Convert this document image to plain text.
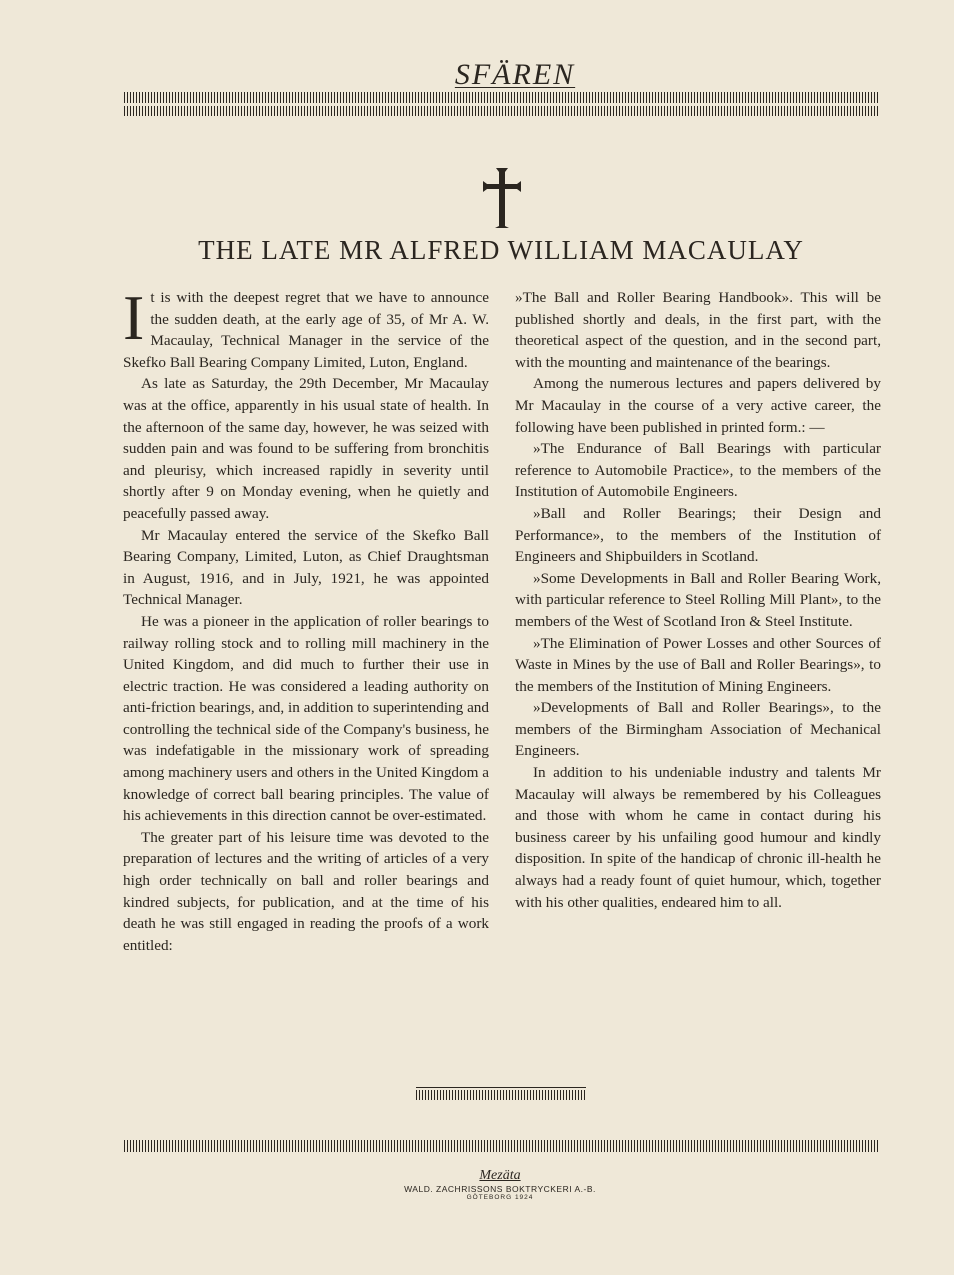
SFÄREN
THE LATE MR ALFRED WILLIAM MACAULAY

It is with the deepest regret that we have to announce the sudden death, at the early age of 35, of Mr A. W. Macaulay, Technical Manager in the service of the Skefko Ball Bearing Company Limited, Luton, England.

As late as Saturday, the 29th December, Mr Macaulay was at the office, apparently in his usual state of health. In the afternoon of the same day, however, he was seized with sudden pain and was found to be suffering from bronchitis and pleurisy, which increased rapidly in severity until shortly after 9 on Monday evening, when he quietly and peacefully passed away.

Mr Macaulay entered the service of the Skefko Ball Bearing Company, Limited, Luton, as Chief Draughtsman in August, 1916, and in July, 1921, he was appointed Technical Manager.

He was a pioneer in the application of roller bearings to railway rolling stock and to rolling mill machinery in the United Kingdom, and did much to further their use in electric traction. He was considered a leading authority on anti-friction bearings, and, in addition to superintending and controlling the technical side of the Company's business, he was indefatigable in the missionary work of spreading among machinery users and others in the United Kingdom a knowledge of correct ball bearing principles. The value of his achievements in this direction cannot be over-estimated.

The greater part of his leisure time was devoted to the preparation of lectures and the writing of articles of a very high order technically on ball and roller bearings and kindred subjects, for publication, and at the time of his death he was still engaged in reading the proofs of a work entitled:

»The Ball and Roller Bearing Handbook». This will be published shortly and deals, in the first part, with the theoretical aspect of the question, and in the second part, with the mounting and maintenance of the bearings.

Among the numerous lectures and papers delivered by Mr Macaulay in the course of a very active career, the following have been published in printed form.: —

»The Endurance of Ball Bearings with particular reference to Automobile Practice», to the members of the Institution of Automobile Engineers.

»Ball and Roller Bearings; their Design and Performance», to the members of the Institution of Engineers and Shipbuilders in Scotland.

»Some Developments in Ball and Roller Bearing Work, with particular reference to Steel Rolling Mill Plant», to the members of the West of Scotland Iron & Steel Institute.

»The Elimination of Power Losses and other Sources of Waste in Mines by the use of Ball and Roller Bearings», to the members of the Institution of Mining Engineers.

»Developments of Ball and Roller Bearings», to the members of the Birmingham Association of Mechanical Engineers.

In addition to his undeniable industry and talents Mr Macaulay will always be remembered by his Colleagues and those with whom he came in contact during his business career by his unfailing good humour and kindly disposition. In spite of the handicap of chronic ill-health he always had a ready fount of quiet humour, which, together with his other qualities, endeared him to all.

Mezäta
WALD. ZACHRISSONS BOKTRYCKERI A.-B.
GÖTEBORG 1924
